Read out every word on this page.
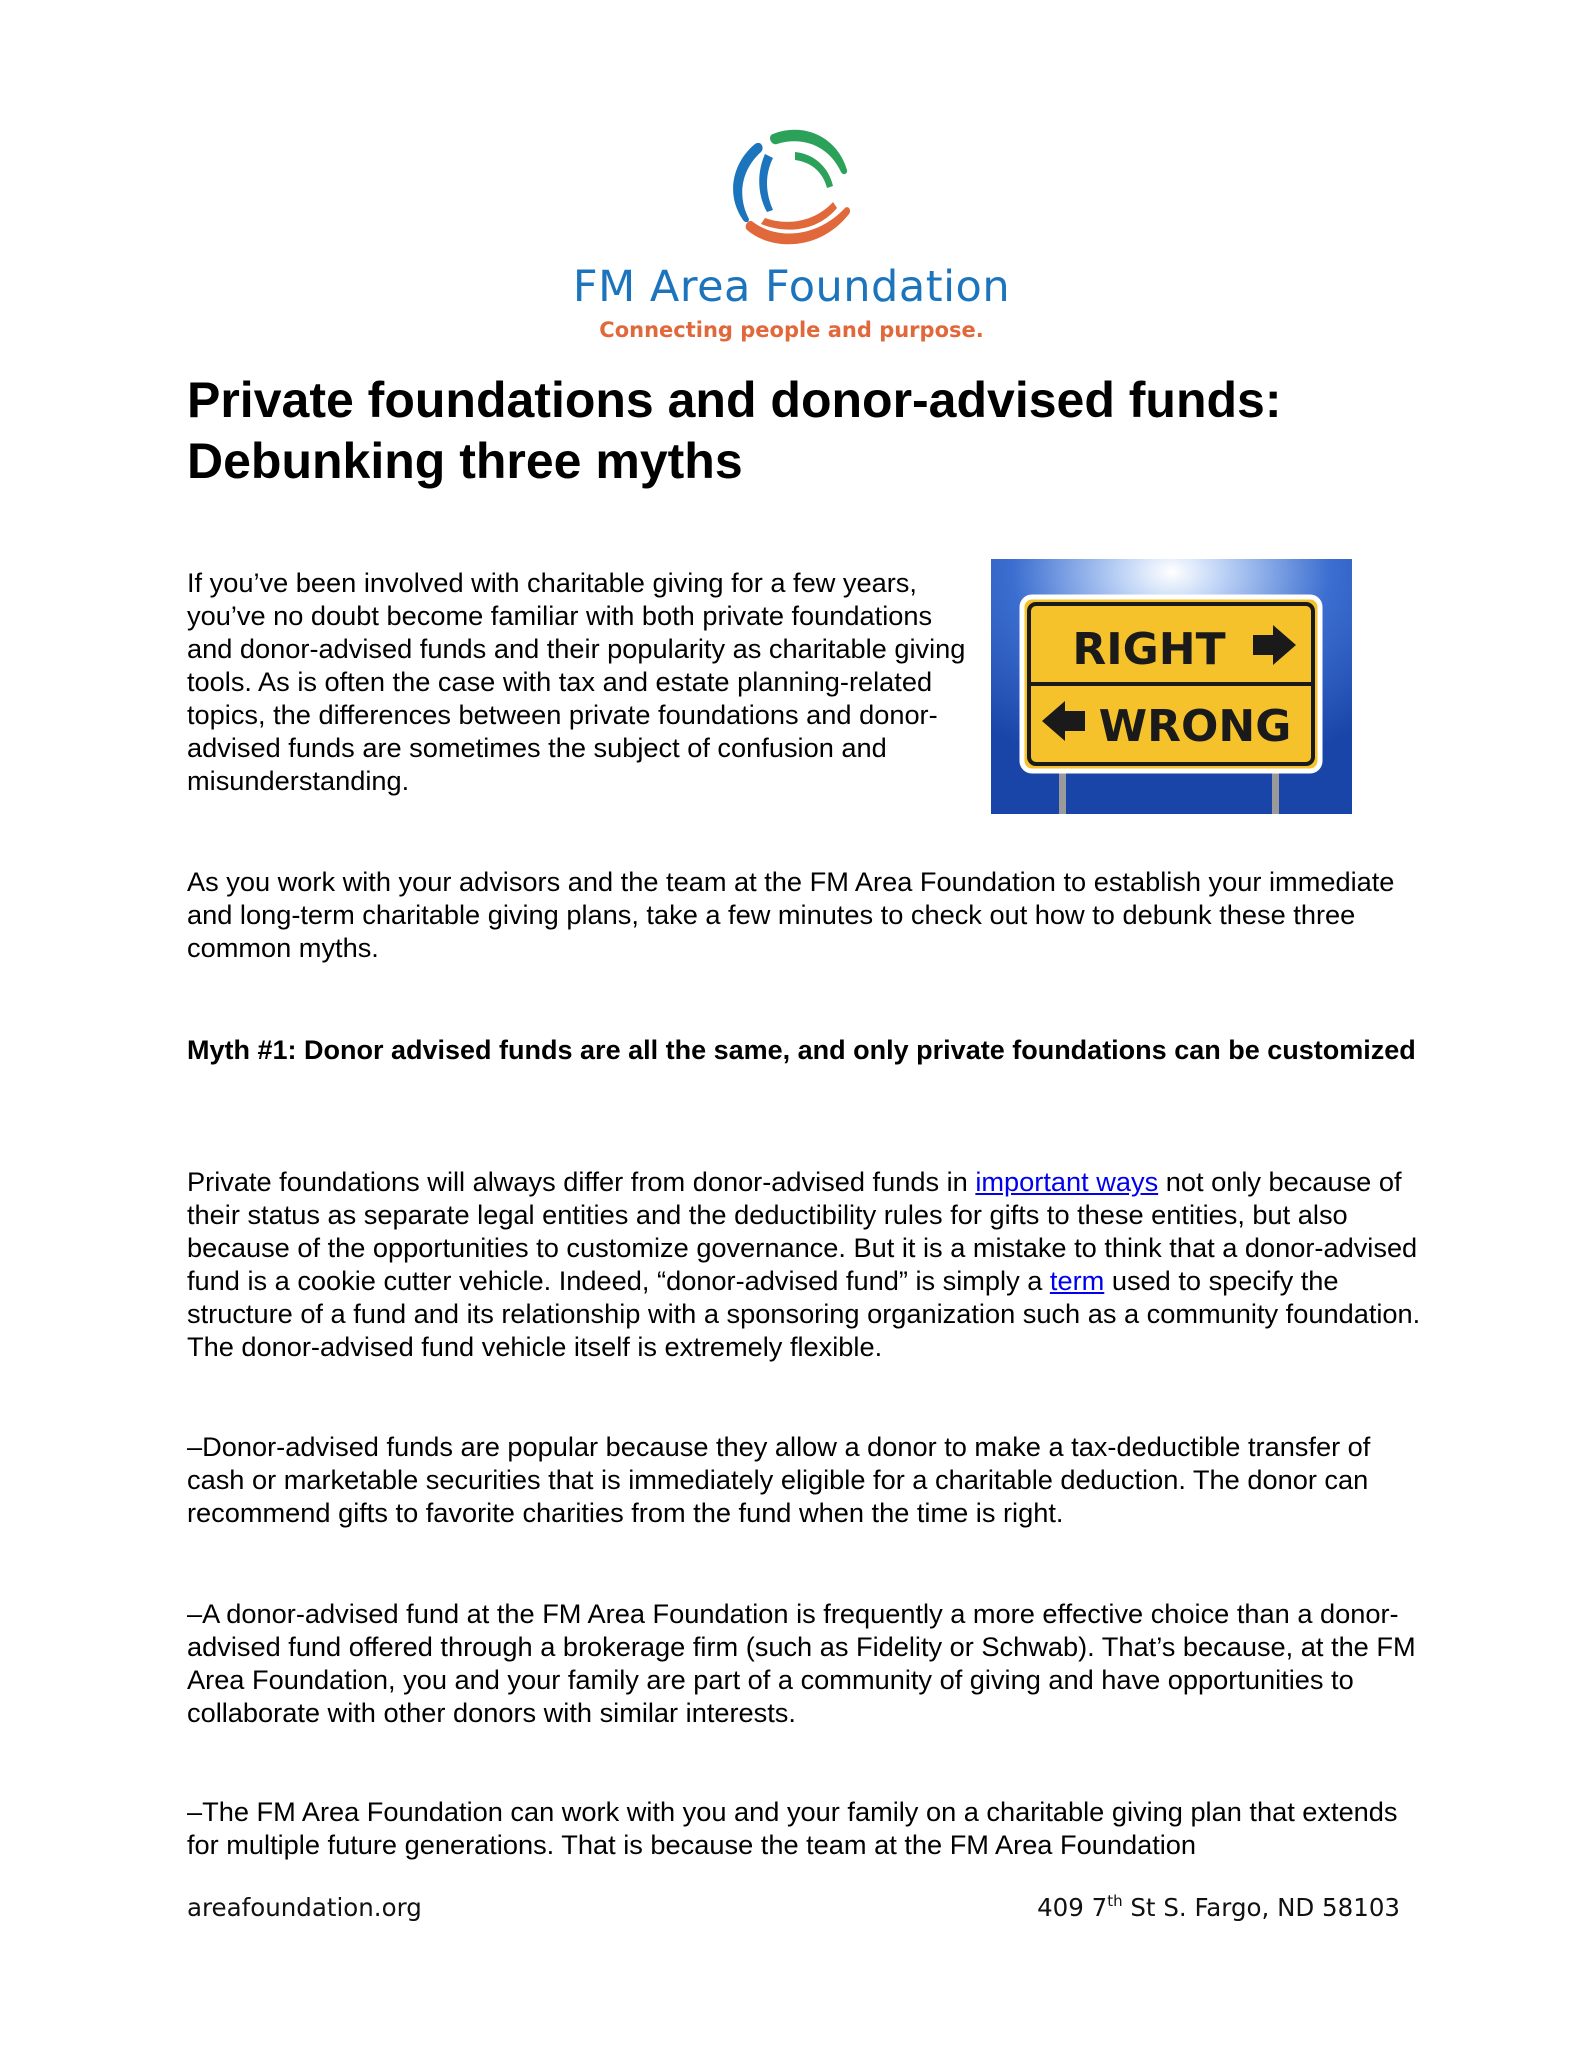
FM Area Foundation
Connecting people and purpose.
Private foundations and donor-advised funds:
Debunking three myths

If you’ve been involved with charitable giving for a few years, you’ve no doubt become familiar with both private foundations and donor-advised funds and their popularity as charitable giving tools. As is often the case with tax and estate planning-related topics, the differences between private foundations and donor-advised funds are sometimes the subject of confusion and misunderstanding.

RIGHT
WRONG

As you work with your advisors and the team at the FM Area Foundation to establish your immediate and long-term charitable giving plans, take a few minutes to check out how to debunk these three common myths.

Myth #1: Donor advised funds are all the same, and only private foundations can be customized

Private foundations will always differ from donor-advised funds in important ways not only because of their status as separate legal entities and the deductibility rules for gifts to these entities, but also because of the opportunities to customize governance. But it is a mistake to think that a donor-advised fund is a cookie cutter vehicle. Indeed, “donor-advised fund” is simply a term used to specify the structure of a fund and its relationship with a sponsoring organization such as a community foundation. The donor-advised fund vehicle itself is extremely flexible.

–Donor-advised funds are popular because they allow a donor to make a tax-deductible transfer of cash or marketable securities that is immediately eligible for a charitable deduction. The donor can recommend gifts to favorite charities from the fund when the time is right.

–A donor-advised fund at the FM Area Foundation is frequently a more effective choice than a donor-advised fund offered through a brokerage firm (such as Fidelity or Schwab). That’s because, at the FM Area Foundation, you and your family are part of a community of giving and have opportunities to collaborate with other donors with similar interests.

–The FM Area Foundation can work with you and your family on a charitable giving plan that extends for multiple future generations. That is because the team at the FM Area Foundation

areafoundation.org	409 7th St S. Fargo, ND 58103
